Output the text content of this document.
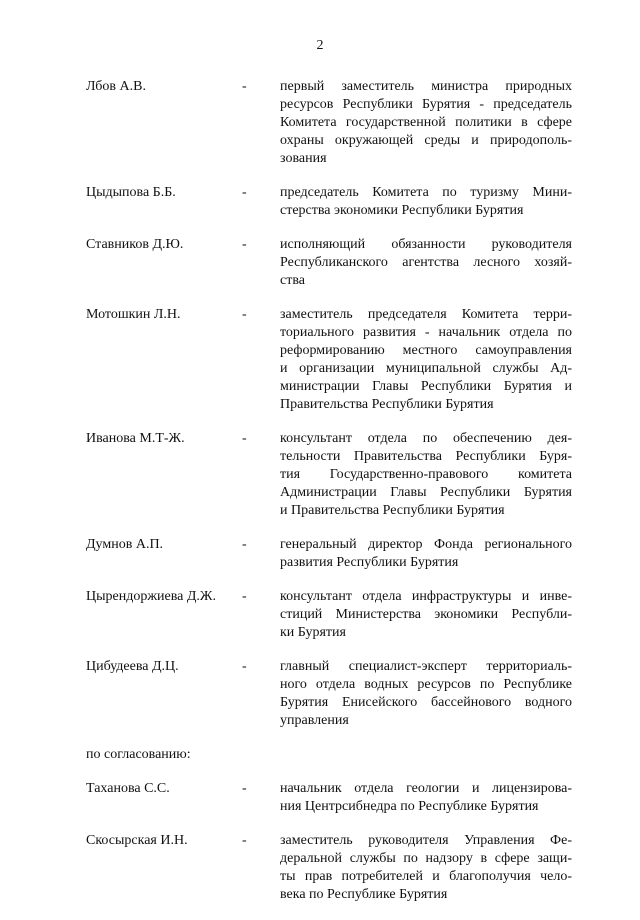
2
Лбов А.В.	-	первый заместитель министра природных
ресурсов Республики Бурятия - председатель
Комитета государственной политики в сфере
охраны окружающей среды и природополь-
зования
Цыдыпова Б.Б.	-	председатель Комитета по туризму Мини-
стерства экономики Республики Бурятия
Ставников Д.Ю.	-	исполняющий обязанности руководителя
Республиканского агентства лесного хозяй-
ства
Мотошкин Л.Н.	-	заместитель председателя Комитета терри-
ториального развития - начальник отдела по
реформированию местного самоуправления
и организации муниципальной службы Ад-
министрации Главы Республики Бурятия и
Правительства Республики Бурятия
Иванова М.Т-Ж.	-	консультант отдела по обеспечению дея-
тельности Правительства Республики Буря-
тия Государственно-правового комитета
Администрации Главы Республики Бурятия
и Правительства Республики Бурятия
Думнов А.П.	-	генеральный директор Фонда регионального
развития Республики Бурятия
Цырендоржиева Д.Ж.	-	консультант отдела инфраструктуры и инве-
стиций Министерства экономики Республи-
ки Бурятия
Цибудеева Д.Ц.	-	главный специалист-эксперт территориаль-
ного отдела водных ресурсов по Республике
Бурятия Енисейского бассейнового водного
управления
по согласованию:
Таханова С.С.	-	начальник отдела геологии и лицензирова-
ния Центрсибнедра по Республике Бурятия
Скосырская И.Н.	-	заместитель руководителя Управления Фе-
деральной службы по надзору в сфере защи-
ты прав потребителей и благополучия чело-
века по Республике Бурятия
